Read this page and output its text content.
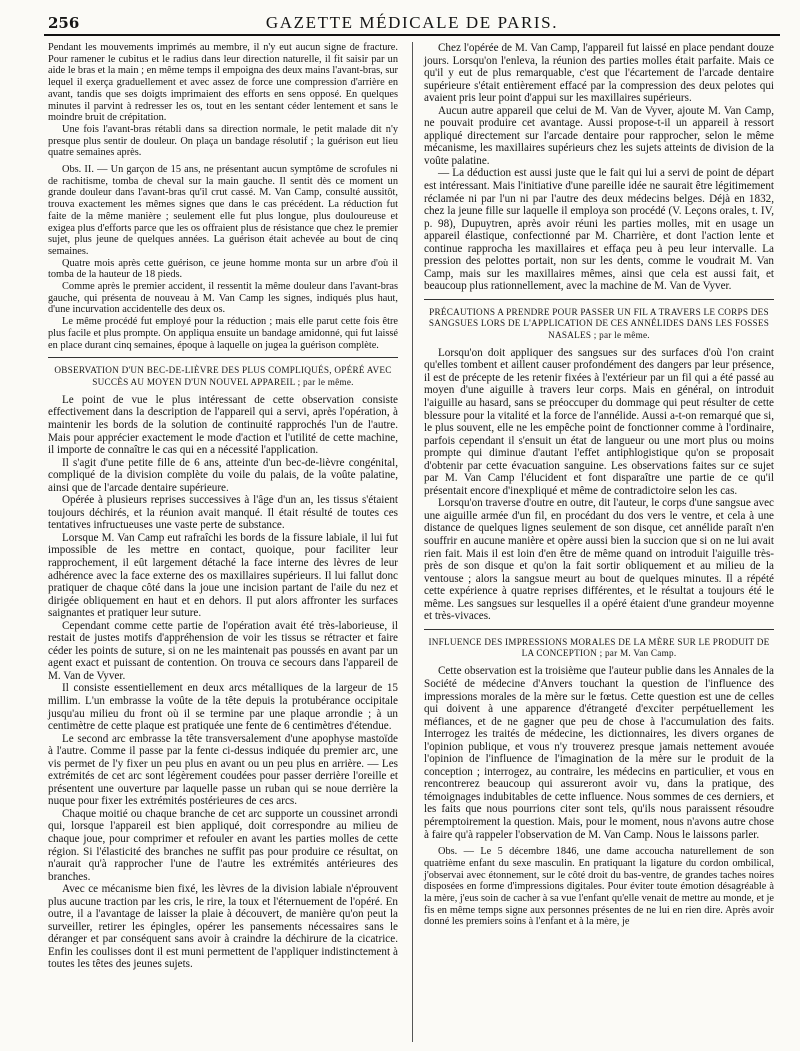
256	GAZETTE MÉDICALE DE PARIS.

Pendant les mouvements imprimés au membre, il n'y eut aucun signe de fracture. Pour ramener le cubitus et le radius dans leur direction naturelle, il fit saisir par un aide le bras et la main ; en même temps il empoigna des deux mains l'avant-bras, sur lequel il exerça graduellement et avec assez de force une compression d'arrière en avant, tandis que ses doigts imprimaient des efforts en sens opposé. En quelques minutes il parvint à redresser les os, tout en les sentant céder lentement et sans le moindre bruit de crépitation.

Une fois l'avant-bras rétabli dans sa direction normale, le petit malade dit n'y presque plus sentir de douleur. On plaça un bandage résolutif ; la guérison eut lieu quatre semaines après.

Obs. II. — Un garçon de 15 ans, ne présentant aucun symptôme de scrofules ni de rachitisme, tomba de cheval sur la main gauche. Il sentit dès ce moment un grande douleur dans l'avant-bras qu'il crut cassé. M. Van Camp, consulté aussitôt, trouva exactement les mêmes signes que dans le cas précédent. La réduction fut faite de la même manière ; seulement elle fut plus longue, plus douloureuse et exigea plus d'efforts parce que les os offraient plus de résistance que chez le premier sujet, plus jeune de quelques années. La guérison était achevée au bout de cinq semaines.

Quatre mois après cette guérison, ce jeune homme monta sur un arbre d'où il tomba de la hauteur de 18 pieds.

Comme après le premier accident, il ressentit la même douleur dans l'avant-bras gauche, qui présenta de nouveau à M. Van Camp les signes, indiqués plus haut, d'une incurvation accidentelle des deux os.

Le même procédé fut employé pour la réduction ; mais elle parut cette fois être plus facile et plus prompte. On appliqua ensuite un bandage amidonné, qui fut laissé en place durant cinq semaines, époque à laquelle on jugea la guérison complète.

OBSERVATION D'UN BEC-DE-LIÈVRE DES PLUS COMPLIQUÉS, OPÉRÉ AVEC SUCCÈS AU MOYEN D'UN NOUVEL APPAREIL ; par le même.

Le point de vue le plus intéressant de cette observation consiste effectivement dans la description de l'appareil qui a servi, après l'opération, à maintenir les bords de la solution de continuité rapprochés l'un de l'autre. Mais pour apprécier exactement le mode d'action et l'utilité de cette machine, il importe de connaître le cas qui en a nécessité l'application.

Il s'agit d'une petite fille de 6 ans, atteinte d'un bec-de-lièvre congénital, compliqué de la division complète du voile du palais, de la voûte palatine, ainsi que de l'arcade dentaire supérieure.

Opérée à plusieurs reprises successives à l'âge d'un an, les tissus s'étaient toujours déchirés, et la réunion avait manqué. Il était résulté de toutes ces tentatives infructueuses une vaste perte de substance.

Lorsque M. Van Camp eut rafraîchi les bords de la fissure labiale, il lui fut impossible de les mettre en contact, quoique, pour faciliter leur rapprochement, il eût largement détaché la face interne des lèvres de leur adhérence avec la face externe des os maxillaires supérieurs. Il lui fallut donc pratiquer de chaque côté dans la joue une incision partant de l'aile du nez et dirigée obliquement en haut et en dehors. Il put alors affronter les surfaces saignantes et pratiquer leur suture.

Cependant comme cette partie de l'opération avait été très-laborieuse, il restait de justes motifs d'appréhension de voir les tissus se rétracter et faire céder les points de suture, si on ne les maintenait pas poussés en avant par un agent exact et puissant de contention. On trouva ce secours dans l'appareil de M. Van de Vyver.

Il consiste essentiellement en deux arcs métalliques de la largeur de 15 millim. L'un embrasse la voûte de la tête depuis la protubérance occipitale jusqu'au milieu du front où il se termine par une plaque arrondie ; à un centimètre de cette plaque est pratiquée une fente de 6 centimètres d'étendue.

Le second arc embrasse la tête transversalement d'une apophyse mastoïde à l'autre. Comme il passe par la fente ci-dessus indiquée du premier arc, une vis permet de l'y fixer un peu plus en avant ou un peu plus en arrière. — Les extrémités de cet arc sont légèrement coudées pour passer derrière l'oreille et présentent une ouverture par laquelle passe un ruban qui se noue derrière la nuque pour fixer les extrémités postérieures de ces arcs.

Chaque moitié ou chaque branche de cet arc supporte un coussinet arrondi qui, lorsque l'appareil est bien appliqué, doit correspondre au milieu de chaque joue, pour comprimer et refouler en avant les parties molles de cette région. Si l'élasticité des branches ne suffit pas pour produire ce résultat, on n'aurait qu'à rapprocher l'une de l'autre les extrémités antérieures des branches.

Avec ce mécanisme bien fixé, les lèvres de la division labiale n'éprouvent plus aucune traction par les cris, le rire, la toux et l'éternuement de l'opéré. En outre, il a l'avantage de laisser la plaie à découvert, de manière qu'on peut la surveiller, retirer les épingles, opérer les pansements nécessaires sans le déranger et par conséquent sans avoir à craindre la déchirure de la cicatrice. Enfin les coulisses dont il est muni permettent de l'appliquer indistinctement à toutes les têtes des jeunes sujets.

Chez l'opérée de M. Van Camp, l'appareil fut laissé en place pendant douze jours. Lorsqu'on l'enleva, la réunion des parties molles était parfaite. Mais ce qu'il y eut de plus remarquable, c'est que l'écartement de l'arcade dentaire supérieure s'était entièrement effacé par la compression des deux pelotes qui avaient pris leur point d'appui sur les maxillaires supérieurs.

Aucun autre appareil que celui de M. Van de Vyver, ajoute M. Van Camp, ne pouvait produire cet avantage. Aussi propose-t-il un appareil à ressort appliqué directement sur l'arcade dentaire pour rapprocher, selon le même mécanisme, les maxillaires supérieurs chez les sujets atteints de division de la voûte palatine.

— La déduction est aussi juste que le fait qui lui a servi de point de départ est intéressant. Mais l'initiative d'une pareille idée ne saurait être légitimement réclamée ni par l'un ni par l'autre des deux médecins belges. Déjà en 1832, chez la jeune fille sur laquelle il employa son procédé (V. Leçons orales, t. IV, p. 98), Dupuytren, après avoir réuni les parties molles, mit en usage un appareil élastique, confectionné par M. Charrière, et dont l'action lente et continue rapprocha les maxillaires et effaça peu à peu leur intervalle. La pression des pelottes portait, non sur les dents, comme le voudrait M. Van Camp, mais sur les maxillaires mêmes, ainsi que cela est aussi fait, et beaucoup plus rationnellement, avec la machine de M. Van de Vyver.

PRÉCAUTIONS A PRENDRE POUR PASSER UN FIL A TRAVERS LE CORPS DES SANGSUES LORS DE L'APPLICATION DE CES ANNÉLIDES DANS LES FOSSES NASALES ; par le même.

Lorsqu'on doit appliquer des sangsues sur des surfaces d'où l'on craint qu'elles tombent et aillent causer profondément des dangers par leur présence, il est de précepte de les retenir fixées à l'extérieur par un fil qui a été passé au moyen d'une aiguille à travers leur corps. Mais en général, on introduit l'aiguille au hasard, sans se préoccuper du dommage qui peut résulter de cette blessure pour la vitalité et la force de l'annélide. Aussi a-t-on remarqué que si, le plus souvent, elle ne les empêche point de fonctionner comme à l'ordinaire, parfois cependant il s'ensuit un état de langueur ou une mort plus ou moins prompte qui diminue d'autant l'effet antiphlogistique qu'on se proposait d'obtenir par cette évacuation sanguine. Les observations faites sur ce sujet par M. Van Camp l'élucident et font disparaître une partie de ce qu'il présentait encore d'inexpliqué et même de contradictoire selon les cas.

Lorsqu'on traverse d'outre en outre, dit l'auteur, le corps d'une sangsue avec une aiguille armée d'un fil, en procédant du dos vers le ventre, et cela à une distance de quelques lignes seulement de son disque, cet annélide paraît n'en souffrir en aucune manière et opère aussi bien la succion que si on ne lui avait rien fait. Mais il est loin d'en être de même quand on introduit l'aiguille très-près de son disque et qu'on la fait sortir obliquement et au milieu de la ventouse ; alors la sangsue meurt au bout de quelques minutes. Il a répété cette expérience à quatre reprises différentes, et le résultat a toujours été le même. Les sangsues sur lesquelles il a opéré étaient d'une grandeur moyenne et très-vivaces.

INFLUENCE DES IMPRESSIONS MORALES DE LA MÈRE SUR LE PRODUIT DE LA CONCEPTION ; par M. Van Camp.

Cette observation est la troisième que l'auteur publie dans les Annales de la Société de médecine d'Anvers touchant la question de l'influence des impressions morales de la mère sur le fœtus. Cette question est une de celles qui doivent à une apparence d'étrangeté d'exciter perpétuellement les méfiances, et de ne gagner que peu de chose à l'accumulation des faits. Interrogez les traités de médecine, les dictionnaires, les divers organes de l'opinion publique, et vous n'y trouverez presque jamais nettement avouée l'opinion de l'influence de l'imagination de la mère sur le produit de la conception ; interrogez, au contraire, les médecins en particulier, et vous en rencontrerez beaucoup qui assureront avoir vu, dans la pratique, des témoignages indubitables de cette influence. Nous sommes de ces derniers, et les faits que nous pourrions citer sont tels, qu'ils nous paraissent résoudre péremptoirement la question. Mais, pour le moment, nous n'avons autre chose à faire qu'à rappeler l'observation de M. Van Camp. Nous le laissons parler.

Obs. — Le 5 décembre 1846, une dame accoucha naturellement de son quatrième enfant du sexe masculin. En pratiquant la ligature du cordon ombilical, j'observai avec étonnement, sur le côté droit du bas-ventre, de grandes taches noires disposées en forme d'impressions digitales. Pour éviter toute émotion désagréable à la mère, j'eus soin de cacher à sa vue l'enfant qu'elle venait de mettre au monde, et je fis en même temps signe aux personnes présentes de ne lui en rien dire. Après avoir donné les premiers soins à l'enfant et à la mère, je
